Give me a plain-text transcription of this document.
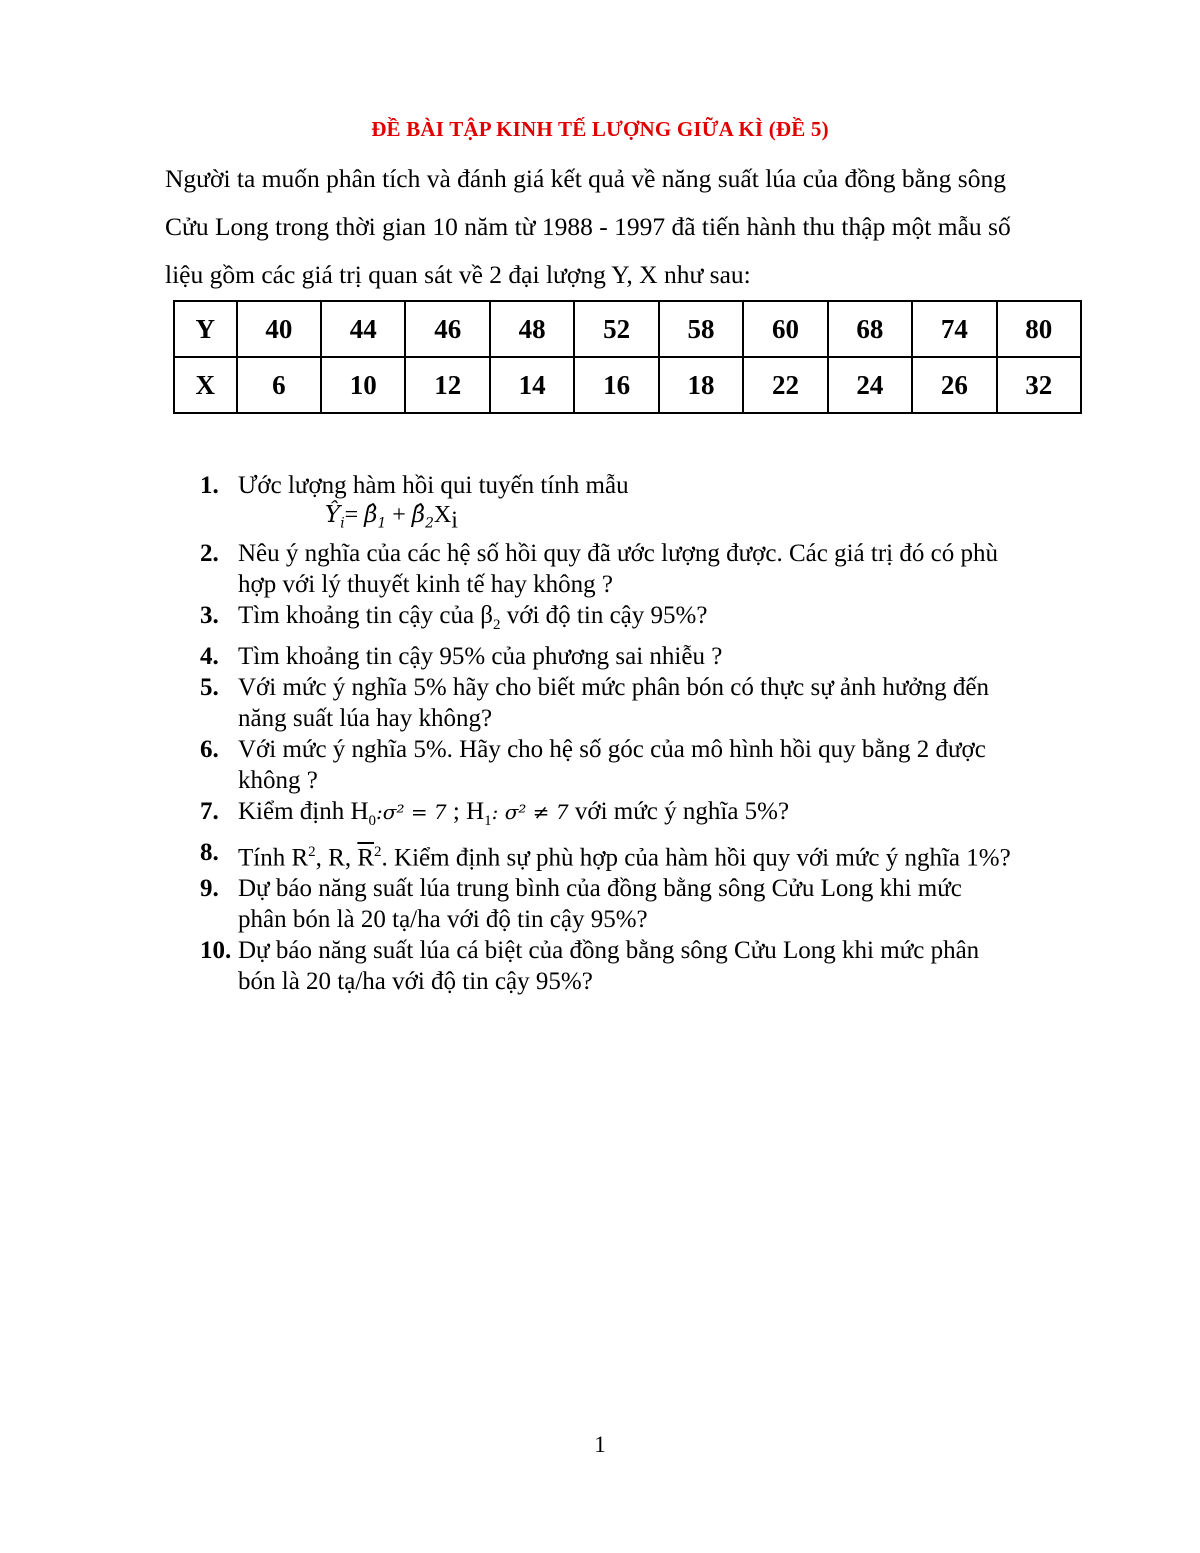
ĐỀ BÀI TẬP KINH TẾ LƯỢNG GIỮA KÌ (ĐỀ 5)

Người ta muốn phân tích và đánh giá kết quả về năng suất lúa của đồng bằng sông

Cửu Long trong thời gian 10 năm từ 1988 - 1997 đã tiến hành thu thập một mẫu số

liệu gồm các giá trị quan sát về 2 đại lượng Y, X như sau:

Y	40	44	46	48	52	58	60	68	74	80
X	6	10	12	14	16	18	22	24	26	32
1. Ước lượng hàm hồi qui tuyến tính mẫu
$Ŷ_i=$ $\betâ_1$ + $\betâ_2X_i$
2. Nêu ý nghĩa của các hệ số hồi quy đã ước lượng được. Các giá trị đó có phù
hợp với lý thuyết kinh tế hay không ?
3. Tìm khoảng tin cậy của $\beta_2$ với độ tin cậy 95%?
4. Tìm khoảng tin cậy 95% của phương sai nhiễu ?
5. Với mức ý nghĩa 5% hãy cho biết mức phân bón có thực sự ảnh hưởng đến
năng suất lúa hay không?
6. Với mức ý nghĩa 5%. Hãy cho hệ số góc của mô hình hồi quy bằng 2 được
không ?
7. Kiểm định $H_0:\sigma^2 = 7$ ; $H_1$: σ² ≠ 7 với mức ý nghĩa 5%?
8. Tính $R^2$, R, $\overline{R}^2$. Kiểm định sự phù hợp của hàm hồi quy với mức ý nghĩa 1%?
9. Dự báo năng suất lúa trung bình của đồng bằng sông Cửu Long khi mức
phân bón là 20 tạ/ha với độ tin cậy 95%?
10. Dự báo năng suất lúa cá biệt của đồng bằng sông Cửu Long khi mức phân
bón là 20 tạ/ha với độ tin cậy 95%?
1
